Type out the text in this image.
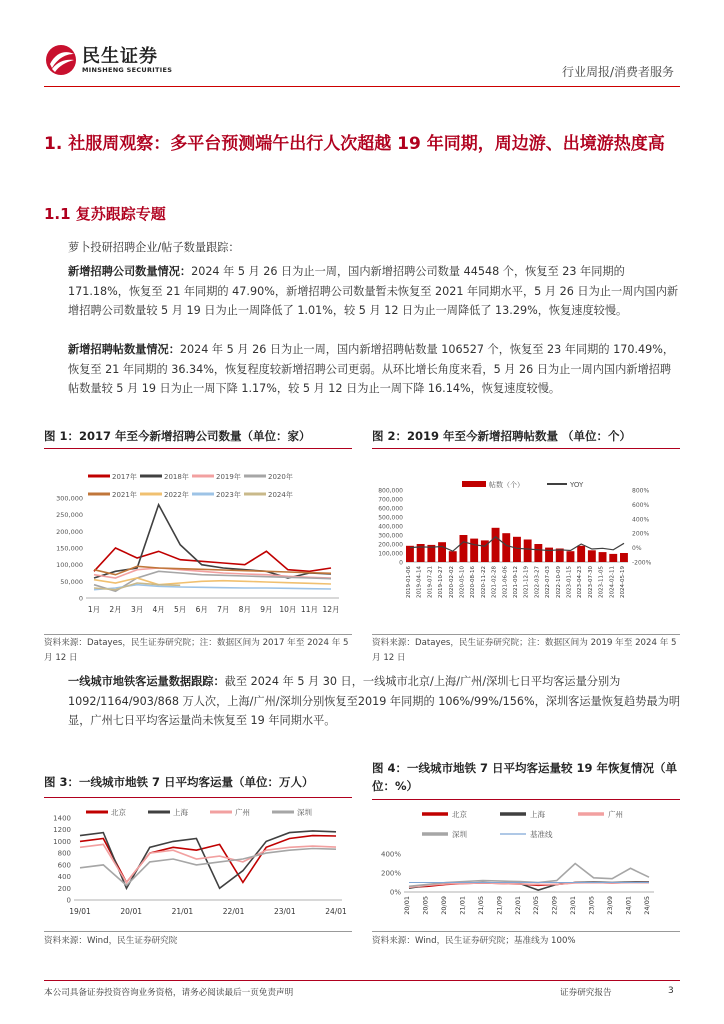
民生证券
MINSHENG SECURITIES	行业周报/消费者服务
1. 社服周观察：多平台预测端午出行人次超越 19 年同期，周边游、出境游热度高
1.1 复苏跟踪专题
萝卜投研招聘企业/帖子数量跟踪：
新增招聘公司数量情况：2024 年 5 月 26 日为止一周，国内新增招聘公司数量 44548 个，恢复至 23 年同期的 171.18%，恢复至 21 年同期的 47.90%，新增招聘公司数量暂未恢复至 2021 年同期水平，5 月 26 日为止一周内国内新增招聘公司数量较 5 月 19 日为止一周降低了 1.01%，较 5 月 12 日为止一周降低了 13.29%，恢复速度较慢。
新增招聘帖数量情况：2024 年 5 月 26 日为止一周，国内新增招聘帖数量 106527 个，恢复至 23 年同期的 170.49%，恢复至 21 年同期的 36.34%，恢复程度较新增招聘公司更弱。从环比增长角度来看，5 月 26 日为止一周内国内新增招聘帖数量较 5 月 19 日为止一周下降 1.17%，较 5 月 12 日为止一周下降 16.14%，恢复速度较慢。
图 1：2017 年至今新增招聘公司数量（单位：家）
2017年	2018年	2019年	2020年
2021年	2022年	2023年	2024年
300,000
250,000
200,000
150,000
100,000
50,000
0
1月 2月 3月 4月 5月 6月 7月 8月 9月 10月 11月 12月
资料来源：Datayes，民生证券研究院；注：数据区间为 2017 年至 2024 年 5 月 12 日
图 2：2019 年至今新增招聘帖数量 （单位：个）
帖数（个）	YOY
800,000
700,000
600,000
500,000
400,000
300,000
200,000
100,000
0
800%
600%
400%
200%
0%
-200%
2019-01-06 2019-04-14 2019-07-21 2019-10-27 2020-02-02 2020-05-10 2020-08-16 2020-11-22 2021-02-28 2021-06-06 2021-09-12 2021-12-19 2022-03-27 2022-07-03 2022-10-09 2023-01-15 2023-04-23 2023-07-30 2023-11-05 2024-02-11 2024-05-19
资料来源：Datayes，民生证券研究院；注：数据区间为 2019 年至 2024 年 5 月 12 日
一线城市地铁客运量数据跟踪：截至 2024 年 5 月 30 日，一线城市北京/上海/广州/深圳七日平均客运量分别为 1092/1164/903/868 万人次，上海/广州/深圳分别恢复至2019 年同期的 106%/99%/156%，深圳客运量恢复趋势最为明显，广州七日平均客运量尚未恢复至 19 年同期水平。
图 3：一线城市地铁 7 日平均客运量（单位：万人）
北京	上海	广州	深圳
1400
1200
1000
800
600
400
200
0
19/01	20/01	21/01	22/01	23/01	24/01
资料来源：Wind，民生证券研究院
图 4：一线城市地铁 7 日平均客运量较 19 年恢复情况（单位：%）
北京	上海	广州
深圳	基准线
400%
200%
0%
20/01 20/05 20/09 21/01 21/05 21/09 22/01 22/05 22/09 23/01 23/05 23/09 24/01 24/05
资料来源：Wind，民生证券研究院；基准线为 100%
本公司具备证券投资咨询业务资格，请务必阅读最后一页免责声明	证券研究报告	3
